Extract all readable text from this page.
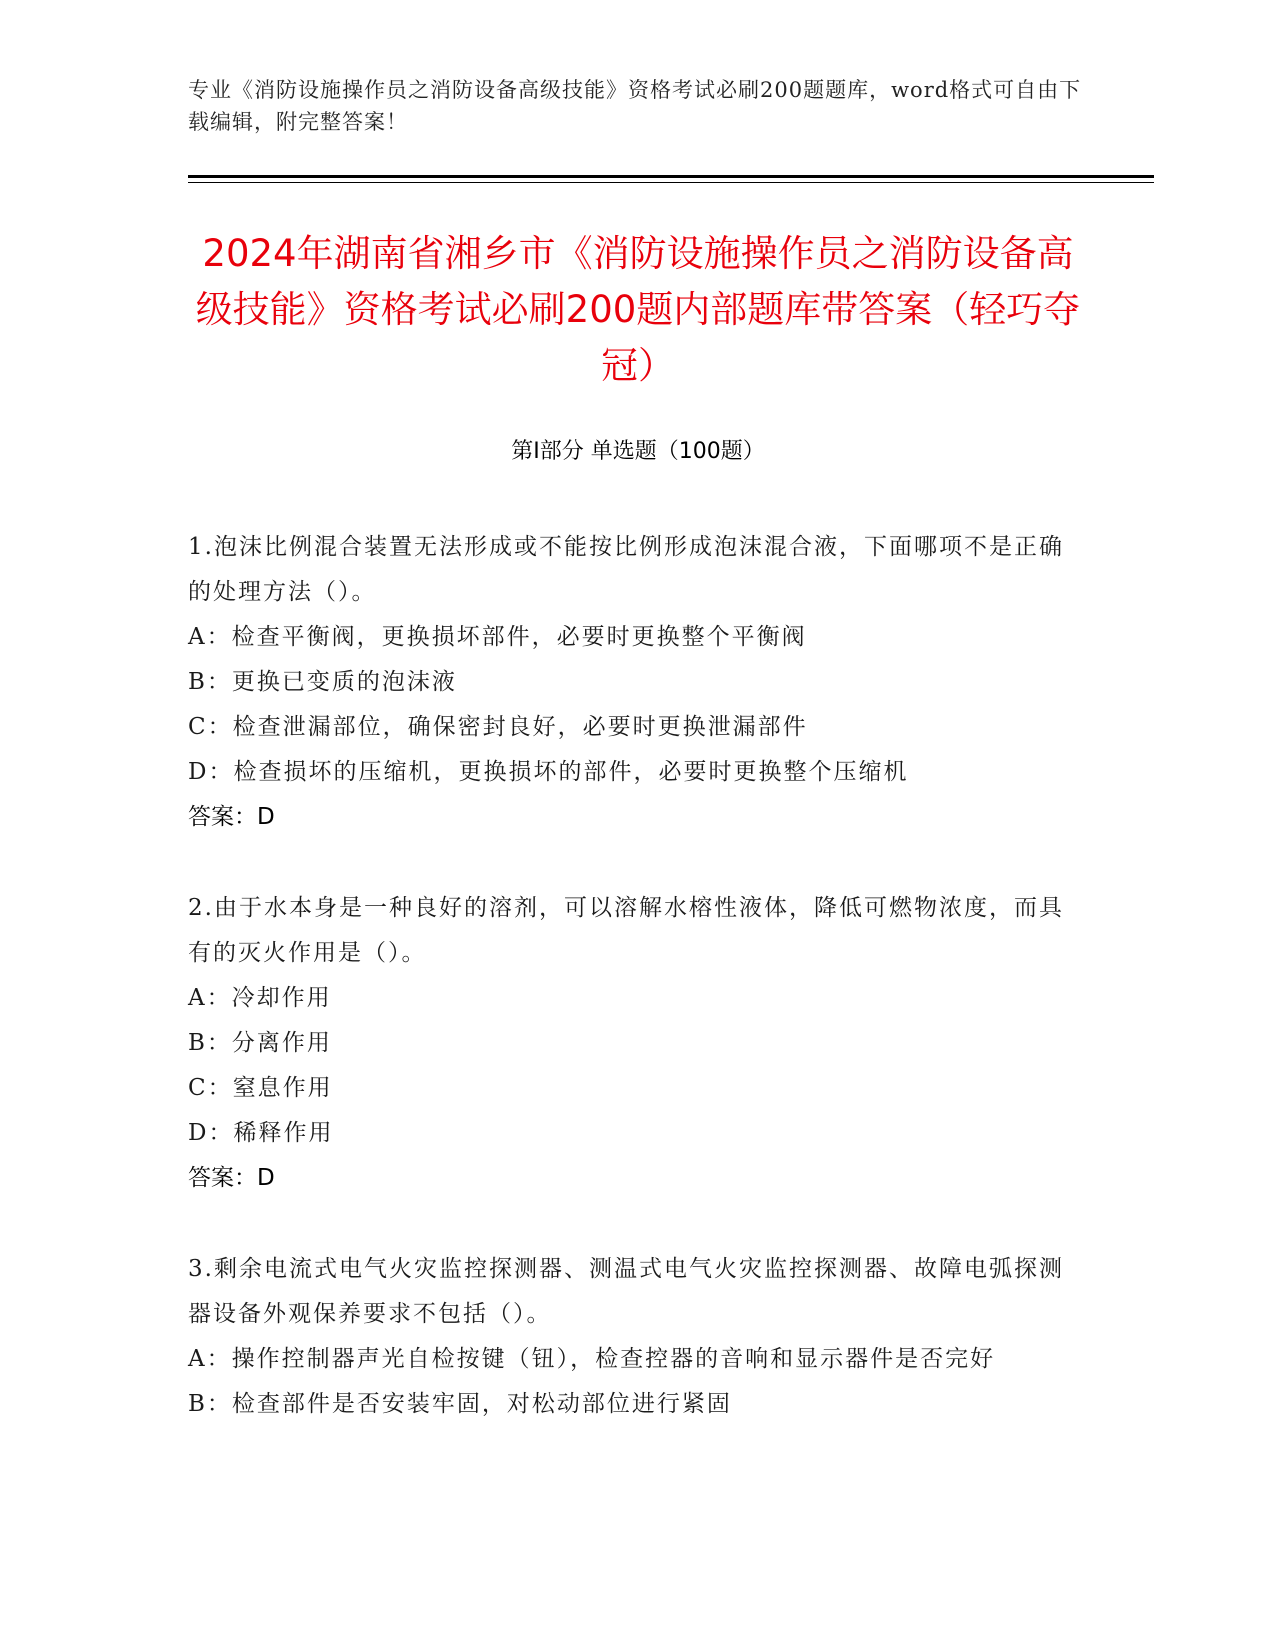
专业《消防设施操作员之消防设备高级技能》资格考试必刷200题题库，word格式可自由下载编辑，附完整答案！
2024年湖南省湘乡市《消防设施操作员之消防设备高级技能》资格考试必刷200题内部题库带答案（轻巧夺冠）
第Ⅰ部分 单选题（100题）
1.泡沫比例混合装置无法形成或不能按比例形成泡沫混合液，下面哪项不是正确的处理方法（）。
A：检查平衡阀，更换损坏部件，必要时更换整个平衡阀
B：更换已变质的泡沫液
C：检查泄漏部位，确保密封良好，必要时更换泄漏部件
D：检查损坏的压缩机，更换损坏的部件，必要时更换整个压缩机
答案：D
2.由于水本身是一种良好的溶剂，可以溶解水榕性液体，降低可燃物浓度，而具有的灭火作用是（）。
A：冷却作用
B：分离作用
C：窒息作用
D：稀释作用
答案：D
3.剩余电流式电气火灾监控探测器、测温式电气火灾监控探测器、故障电弧探测器设备外观保养要求不包括（）。
A：操作控制器声光自检按键（钮），检查控器的音响和显示器件是否完好
B：检查部件是否安装牢固，对松动部位进行紧固
